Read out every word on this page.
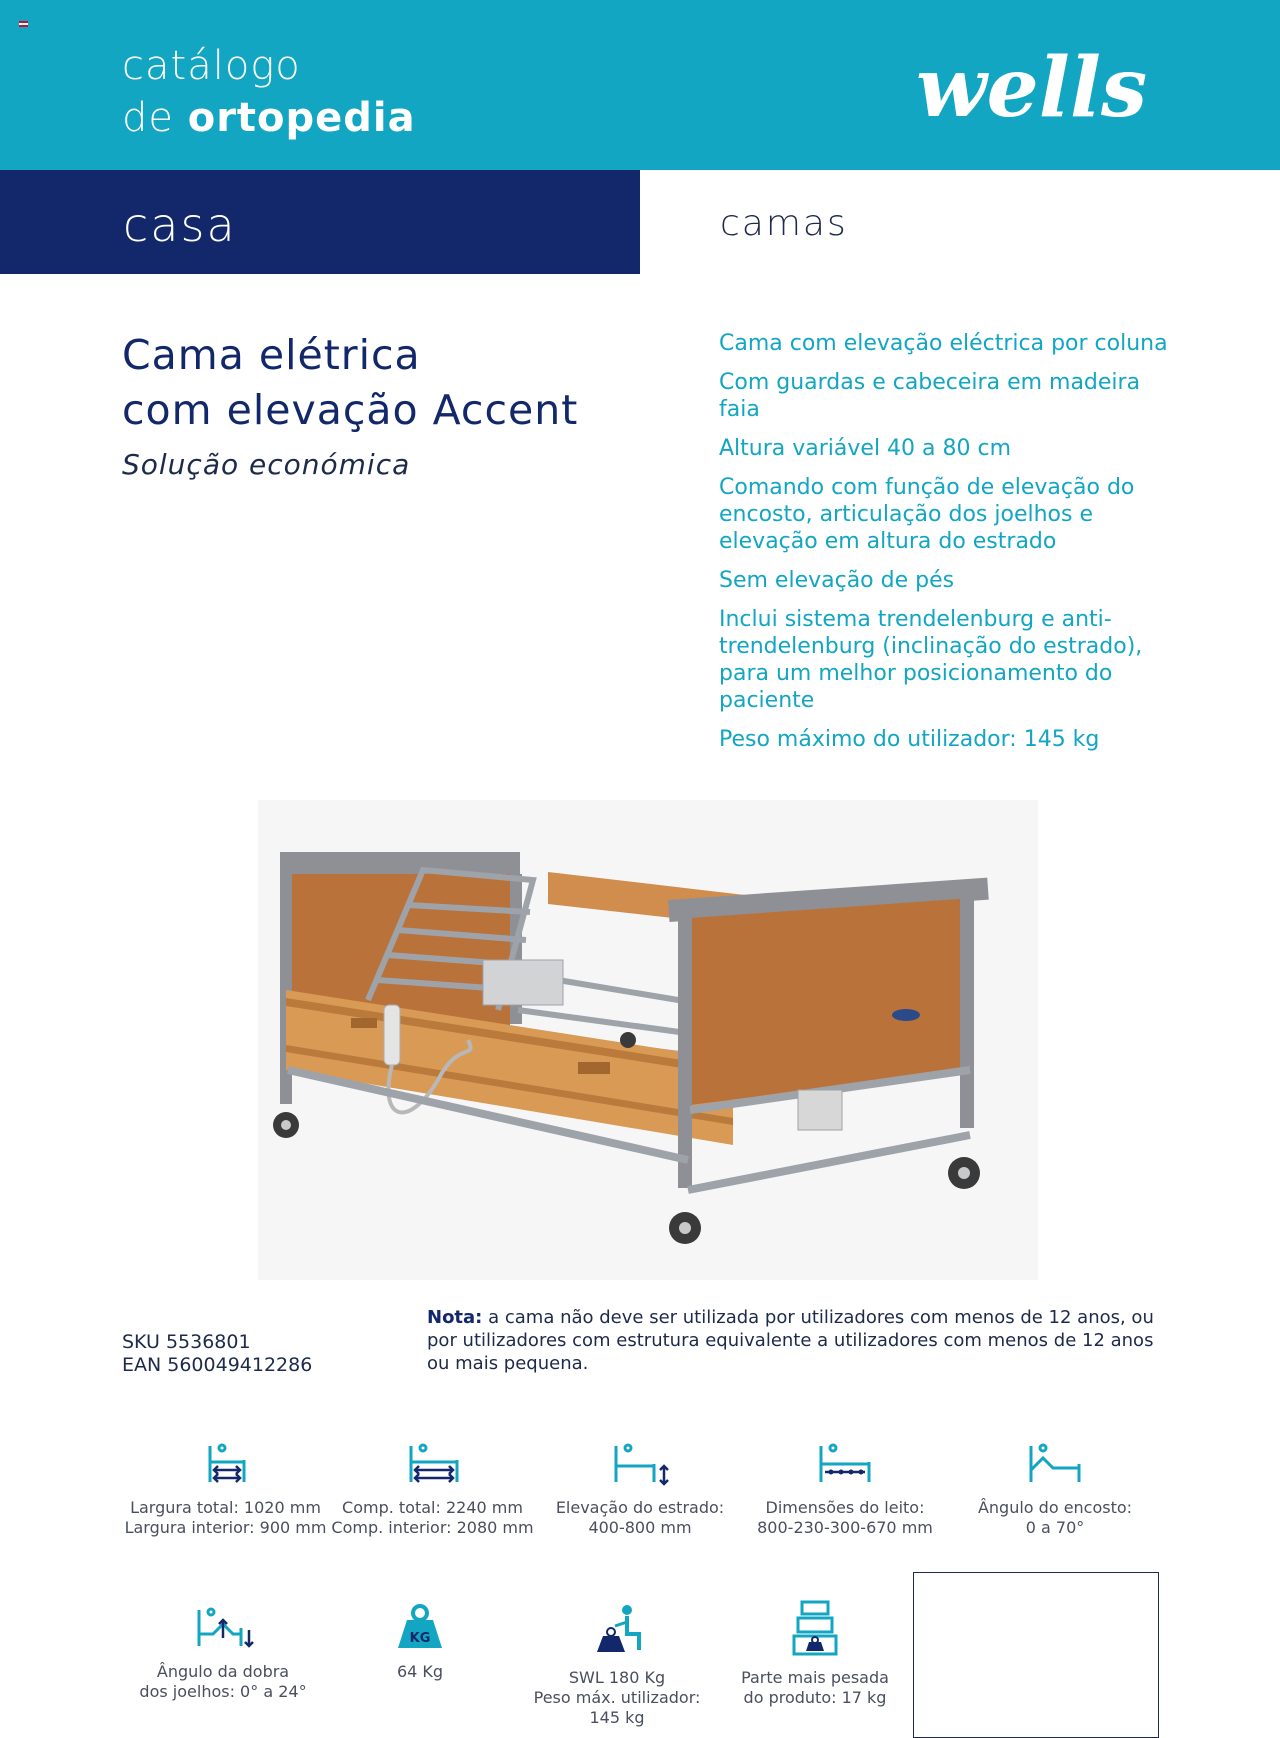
catálogo
de ortopedia	wells
casa	camas
Cama elétrica
com elevação Accent
Solução económica
Cama com elevação eléctrica por coluna
Com guardas e cabeceira em madeira faia
Altura variável 40 a 80 cm
Comando com função de elevação do encosto, articulação dos joelhos e elevação em altura do estrado
Sem elevação de pés
Inclui sistema trendelenburg e anti-trendelenburg (inclinação do estrado), para um melhor posicionamento do paciente
Peso máximo do utilizador: 145 kg
SKU 5536801
EAN 560049412286
Nota: a cama não deve ser utilizada por utilizadores com menos de 12 anos, ou por utilizadores com estrutura equivalente a utilizadores com menos de 12 anos ou mais pequena.
Largura total: 1020 mm
Largura interior: 900 mm
Comp. total: 2240 mm
Comp. interior: 2080 mm
Elevação do estrado:
400-800 mm
Dimensões do leito:
800-230-300-670 mm
Ângulo do encosto:
0 a 70°
Ângulo da dobra
dos joelhos: 0° a 24°
KG
64 Kg	SWL 180 Kg
Peso máx. utilizador:
145 kg
Parte mais pesada
do produto: 17 kg
